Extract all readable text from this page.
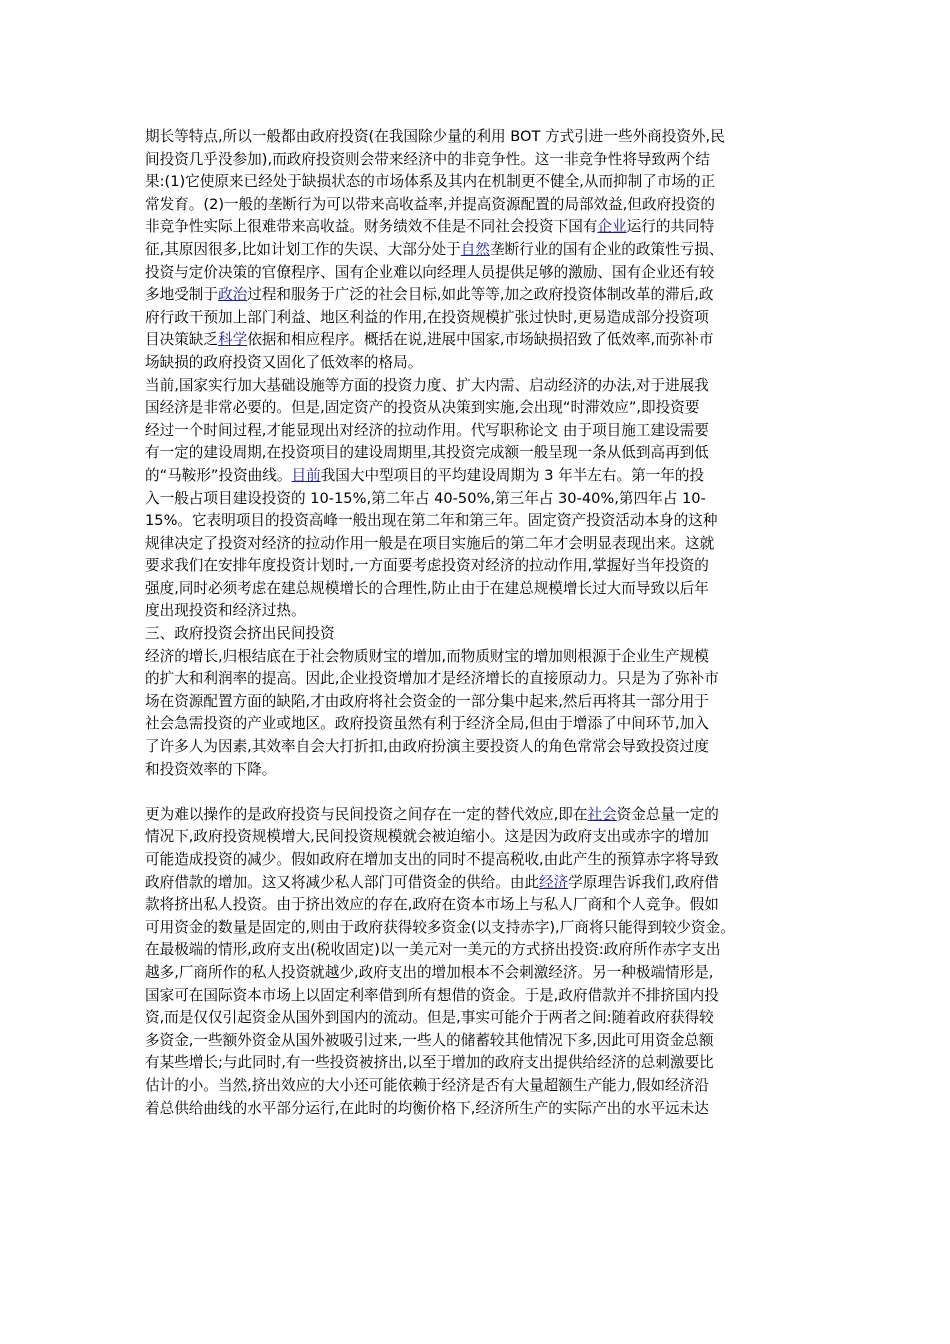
期长等特点,所以一般都由政府投资(在我国除少量的利用 BOT 方式引进一些外商投资外,民
间投资几乎没参加),而政府投资则会带来经济中的非竞争性。这一非竞争性将导致两个结
果:(1)它使原来已经处于缺损状态的市场体系及其内在机制更不健全,从而抑制了市场的正
常发育。(2)一般的垄断行为可以带来高收益率,并提高资源配置的局部效益,但政府投资的
非竞争性实际上很难带来高收益。财务绩效不佳是不同社会投资下国有企业运行的共同特
征,其原因很多,比如计划工作的失误、大部分处于自然垄断行业的国有企业的政策性亏损、
投资与定价决策的官僚程序、国有企业难以向经理人员提供足够的激励、国有企业还有较
多地受制于政治过程和服务于广泛的社会目标,如此等等,加之政府投资体制改革的滞后,政
府行政干预加上部门利益、地区利益的作用,在投资规模扩张过快时,更易造成部分投资项
目决策缺乏科学依据和相应程序。概括在说,进展中国家,市场缺损招致了低效率,而弥补市
场缺损的政府投资又固化了低效率的格局。
当前,国家实行加大基础设施等方面的投资力度、扩大内需、启动经济的办法,对于进展我
国经济是非常必要的。但是,固定资产的投资从决策到实施,会出现“时滞效应”,即投资要
经过一个时间过程,才能显现出对经济的拉动作用。代写职称论文 由于项目施工建设需要
有一定的建设周期,在投资项目的建设周期里,其投资完成额一般呈现一条从低到高再到低
的“马鞍形”投资曲线。目前我国大中型项目的平均建设周期为 3 年半左右。第一年的投
入一般占项目建设投资的 10-15%,第二年占 40-50%,第三年占 30-40%,第四年占 10-
15%。它表明项目的投资高峰一般出现在第二年和第三年。固定资产投资活动本身的这种
规律决定了投资对经济的拉动作用一般是在项目实施后的第二年才会明显表现出来。这就
要求我们在安排年度投资计划时,一方面要考虑投资对经济的拉动作用,掌握好当年投资的
强度,同时必须考虑在建总规模增长的合理性,防止由于在建总规模增长过大而导致以后年
度出现投资和经济过热。
三、政府投资会挤出民间投资
经济的增长,归根结底在于社会物质财宝的增加,而物质财宝的增加则根源于企业生产规模
的扩大和利润率的提高。因此,企业投资增加才是经济增长的直接原动力。只是为了弥补市
场在资源配置方面的缺陷,才由政府将社会资金的一部分集中起来,然后再将其一部分用于
社会急需投资的产业或地区。政府投资虽然有利于经济全局,但由于增添了中间环节,加入
了许多人为因素,其效率自会大打折扣,由政府扮演主要投资人的角色常常会导致投资过度
和投资效率的下降。
更为难以操作的是政府投资与民间投资之间存在一定的替代效应,即在社会资金总量一定的
情况下,政府投资规模增大,民间投资规模就会被迫缩小。这是因为政府支出或赤字的增加
可能造成投资的减少。假如政府在增加支出的同时不提高税收,由此产生的预算赤字将导致
政府借款的增加。这又将减少私人部门可借资金的供给。由此经济学原理告诉我们,政府借
款将挤出私人投资。由于挤出效应的存在,政府在资本市场上与私人厂商和个人竞争。假如
可用资金的数量是固定的,则由于政府获得较多资金(以支持赤字),厂商将只能得到较少资金。
在最极端的情形,政府支出(税收固定)以一美元对一美元的方式挤出投资:政府所作赤字支出
越多,厂商所作的私人投资就越少,政府支出的增加根本不会刺激经济。另一种极端情形是,
国家可在国际资本市场上以固定利率借到所有想借的资金。于是,政府借款并不排挤国内投
资,而是仅仅引起资金从国外到国内的流动。但是,事实可能介于两者之间:随着政府获得较
多资金,一些额外资金从国外被吸引过来,一些人的储蓄较其他情况下多,因此可用资金总额
有某些增长;与此同时,有一些投资被挤出,以至于增加的政府支出提供给经济的总刺激要比
估计的小。当然,挤出效应的大小还可能依赖于经济是否有大量超额生产能力,假如经济沿
着总供给曲线的水平部分运行,在此时的均衡价格下,经济所生产的实际产出的水平远未达
